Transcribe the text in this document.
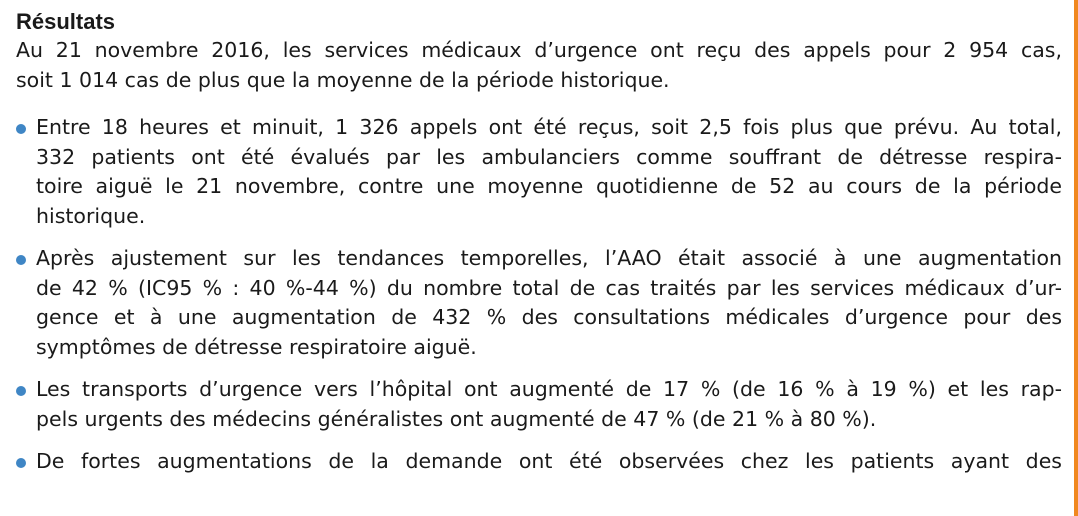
Résultats

Au 21 novembre 2016, les services médicaux d’urgence ont reçu des appels pour 2 954 cas,
soit 1 014 cas de plus que la moyenne de la période historique.

Entre 18 heures et minuit, 1 326 appels ont été reçus, soit 2,5 fois plus que prévu. Au total,
332 patients ont été évalués par les ambulanciers comme souffrant de détresse respira-
toire aiguë le 21 novembre, contre une moyenne quotidienne de 52 au cours de la période
historique.
Après ajustement sur les tendances temporelles, l’AAO était associé à une augmentation
de 42 % (IC95 % : 40 %-44 %) du nombre total de cas traités par les services médicaux d’ur-
gence et à une augmentation de 432 % des consultations médicales d’urgence pour des
symptômes de détresse respiratoire aiguë.
Les transports d’urgence vers l’hôpital ont augmenté de 17 % (de 16 % à 19 %) et les rap-
pels urgents des médecins généralistes ont augmenté de 47 % (de 21 % à 80 %).
De fortes augmentations de la demande ont été observées chez les patients ayant des
